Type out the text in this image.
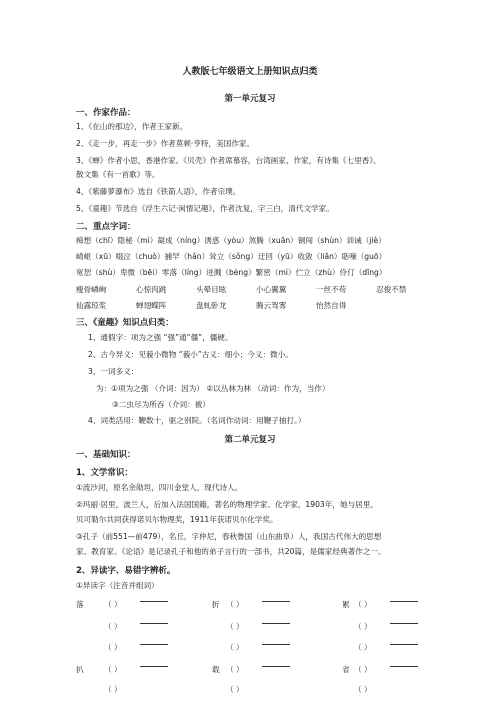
人教版七年级语文上册知识点归类
第一单元复习
一、作家作品：
1、《在山的那边》，作者王家新。
2、《走一步，再走一步》作者莫顿·亨特，美国作家。
3、《蝉》作者小思，香港作家。《贝壳》作者席慕容，台湾画家、作家，有诗集《七里香》、
散文集《有一首歌》等。
4、《紫藤萝瀑布》选自《铁箭人语》，作者宗璞。
5、《童趣》节选自《浮生六记·闲情记趣》，作者沈复，字三白，清代文学家。
二、重点字词：
痴想（chī）隐秘（mì）凝成（níng）诱惑（yòu）煞腾（xuān）铜闯（shùn）训诫（jiè）
崎岖（xū）啜泣（chuò）捕罕（hǎn）耸立（sǒng）迂回（yū）收敛（liǎn）聒噪（guō）
宽恕（shù）卑微（bēi）零落（líng）迸溅（bèng）繁密（mì）伫立（zhù）伶仃（dīng）
瘦骨嶙峋	心惊肉跳	头晕目眩	小心翼翼	一丝不苟	忍俊不禁
仙露琼浆	蝉翅蝶阵	盘虬卧龙	腾云驾雾	怡然自得
三、《童趣》知识点归类：
1、通假字：项为之强 “强”通“僵”，僵硬。
2、古今异义：见藐小微物 “藐小”古义：细小；今义：微小。
3、一词多义：
为：①项为之强 （介词：因为） ②以丛林为林 （动词：作为，当作）
③二虫尽为所吞（介词：被）
4、词类活用：鞭数十，驱之别院。（名词作动词：用鞭子抽打。）
第二单元复习
一、基础知识：
1、文学常识：
①流沙河，原名余勋坦，四川金堂人，现代诗人。
②玛丽·居里，波兰人，后加入法国国籍，著名的物理学家、化学家，1903年，她与居里、
贝可勒尔共同获得诺贝尔物理奖，1911年获诺贝尔化学奖。
③孔子（前551—前479），名丘，字仲尼，春秋鲁国（山东曲阜）人，我国古代伟大的思想
家、教育家。《论语》是记录孔子和他的弟子言行的一部书，共20篇，是儒家经典著作之一。
2、异读字、易错字辨析。
①异读字（注音并组词）
落	（ ）	折 （ ）	累 （ ）
（ ）	（ ）	（ ）
（ ）	（ ）	（ ）
扒	（ ）	载 （ ）	省 （ ）
（ ）	（ ）	（ ）
